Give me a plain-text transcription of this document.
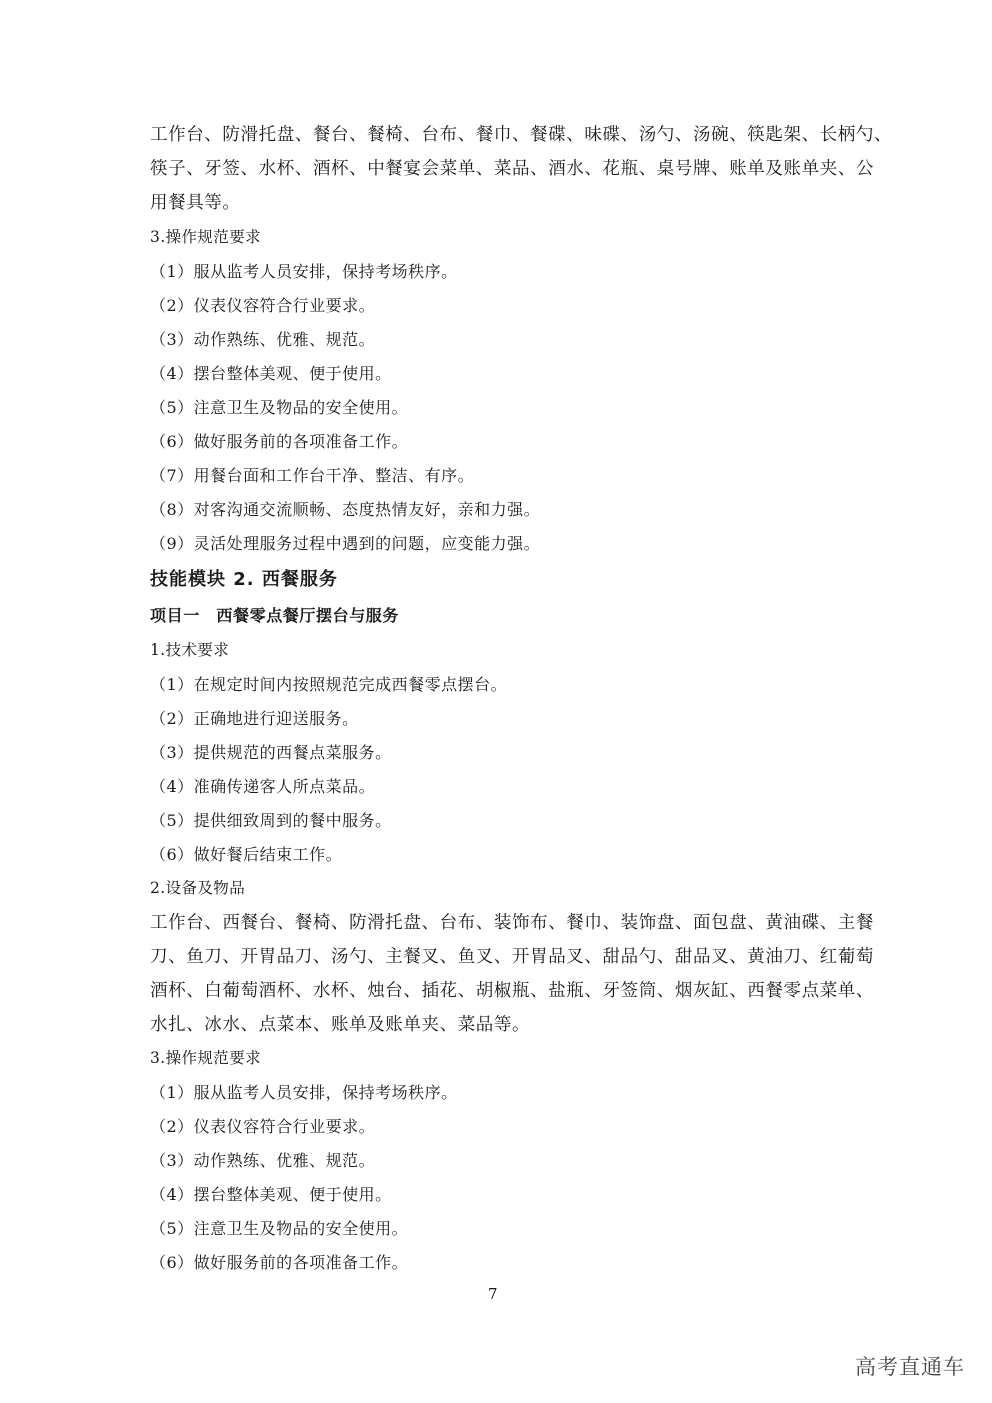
工作台、防滑托盘、餐台、餐椅、台布、餐巾、餐碟、味碟、汤勺、汤碗、筷匙架、长柄勺、
筷子、牙签、水杯、酒杯、中餐宴会菜单、菜品、酒水、花瓶、桌号牌、账单及账单夹、公
用餐具等。
3.操作规范要求
（1）服从监考人员安排，保持考场秩序。
（2）仪表仪容符合行业要求。
（3）动作熟练、优雅、规范。
（4）摆台整体美观、便于使用。
（5）注意卫生及物品的安全使用。
（6）做好服务前的各项准备工作。
（7）用餐台面和工作台干净、整洁、有序。
（8）对客沟通交流顺畅、态度热情友好，亲和力强。
（9）灵活处理服务过程中遇到的问题，应变能力强。
技能模块 2. 西餐服务
项目一　西餐零点餐厅摆台与服务
1.技术要求
（1）在规定时间内按照规范完成西餐零点摆台。
（2）正确地进行迎送服务。
（3）提供规范的西餐点菜服务。
（4）准确传递客人所点菜品。
（5）提供细致周到的餐中服务。
（6）做好餐后结束工作。
2.设备及物品
工作台、西餐台、餐椅、防滑托盘、台布、装饰布、餐巾、装饰盘、面包盘、黄油碟、主餐
刀、鱼刀、开胃品刀、汤勺、主餐叉、鱼叉、开胃品叉、甜品勺、甜品叉、黄油刀、红葡萄
酒杯、白葡萄酒杯、水杯、烛台、插花、胡椒瓶、盐瓶、牙签筒、烟灰缸、西餐零点菜单、
水扎、冰水、点菜本、账单及账单夹、菜品等。
3.操作规范要求
（1）服从监考人员安排，保持考场秩序。
（2）仪表仪容符合行业要求。
（3）动作熟练、优雅、规范。
（4）摆台整体美观、便于使用。
（5）注意卫生及物品的安全使用。
（6）做好服务前的各项准备工作。
7
高考直通车
